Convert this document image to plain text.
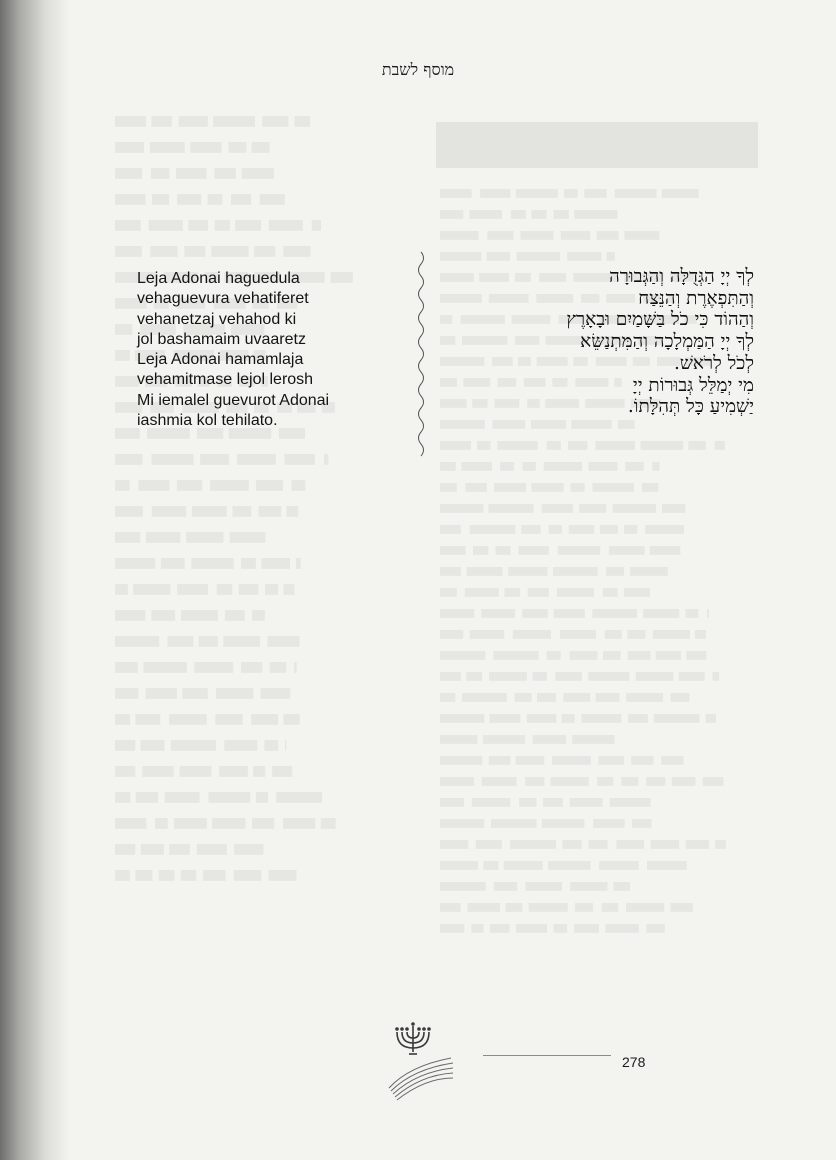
מוסף לשבת
Leja Adonai haguedula
vehaguevura vehatiferet
vehanetzaj vehahod ki
jol bashamaim uvaaretz
Leja Adonai hamamlaja
vehamitmase lejol lerosh
Mi iemalel guevurot Adonai
iashmia kol tehilato.
לְךָ יְיָ הַגְּדֻלָּה וְהַגְּבוּרָה
וְהַתִּפְאֶרֶת וְהַנֵּצַח
וְהַהוֹד כִּי כֹל בַּשָּׁמַיִם וּבָאָרֶץ
לְךָ יְיָ הַמַּמְלָכָה וְהַמִּתְנַשֵּׂא
לְכֹל לְרֹאשׁ.
מִי יְמַלֵּל גְּבוּרוֹת יְיָ
יַשְׁמִיעַ כָּל תְּהִלָּתוֹ.
278
